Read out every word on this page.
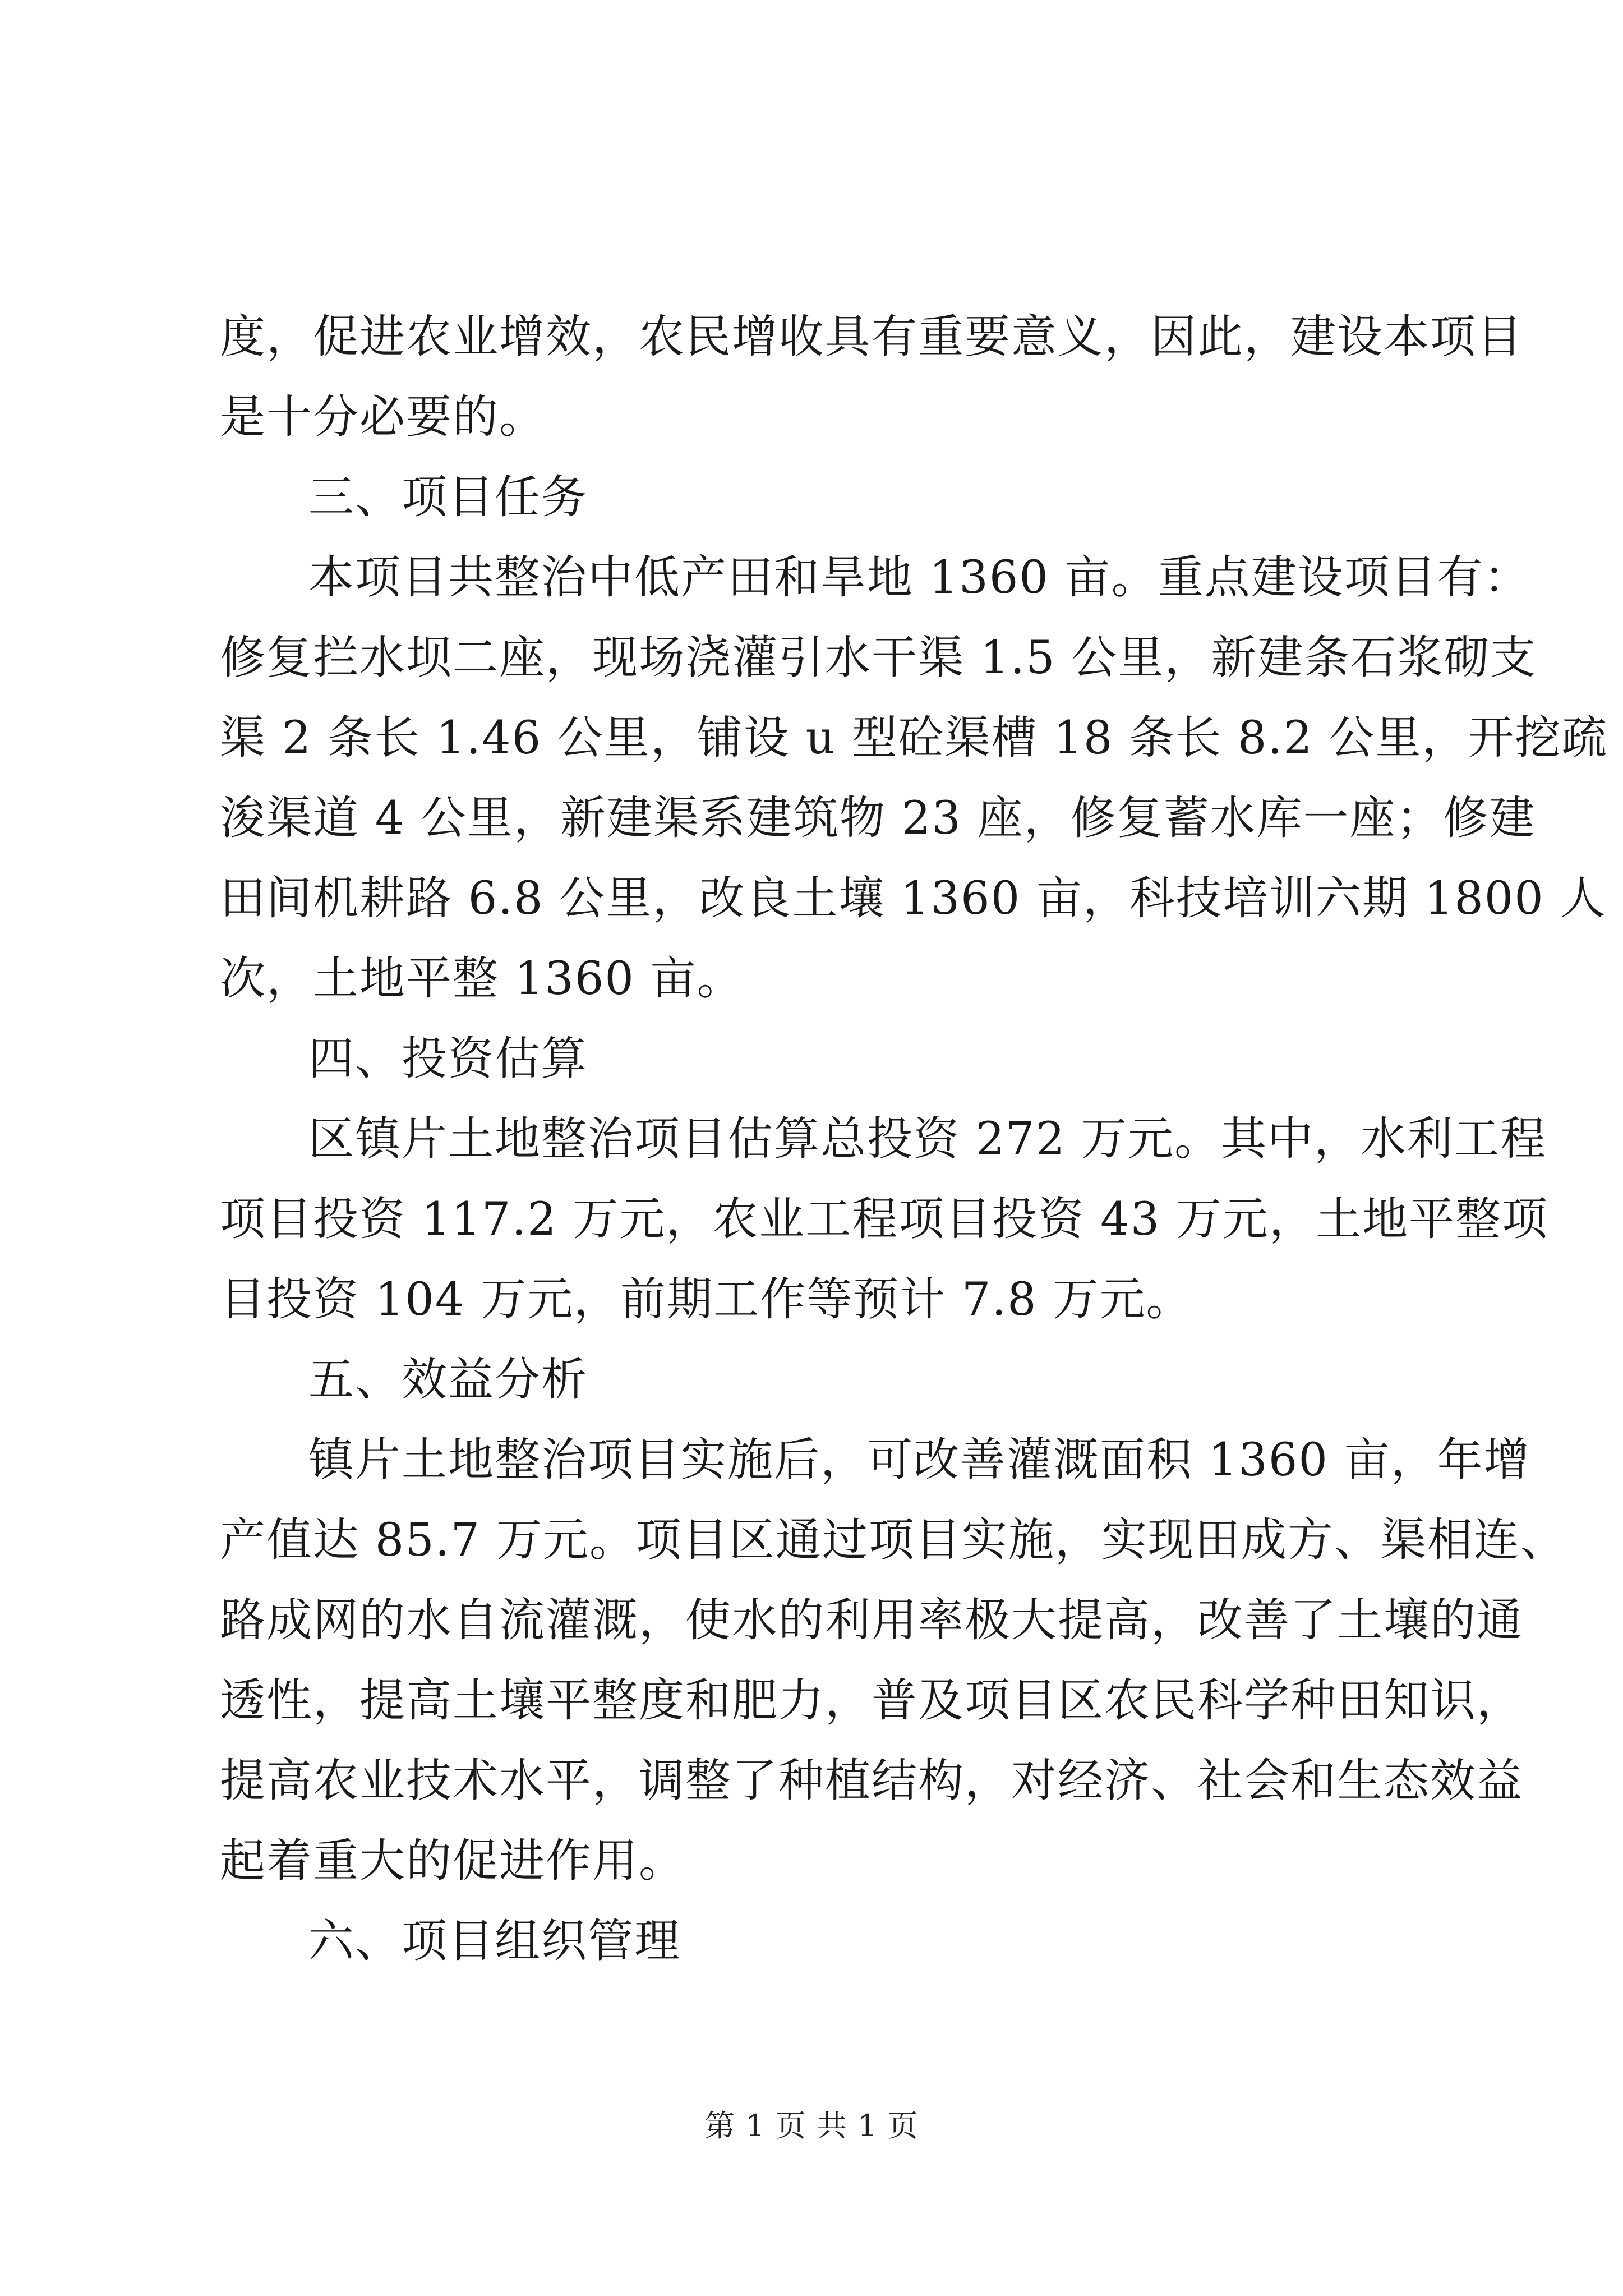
度，促进农业增效，农民增收具有重要意义，因此，建设本项目
是十分必要的。
三、项目任务
本项目共整治中低产田和旱地 1360 亩。重点建设项目有：
修复拦水坝二座，现场浇灌引水干渠 1.5 公里，新建条石浆砌支
渠 2 条长 1.46 公里，铺设 u 型砼渠槽 18 条长 8.2 公里，开挖疏
浚渠道 4 公里，新建渠系建筑物 23 座，修复蓄水库一座；修建
田间机耕路 6.8 公里，改良土壤 1360 亩，科技培训六期 1800 人
次，土地平整 1360 亩。
四、投资估算
区镇片土地整治项目估算总投资 272 万元。其中，水利工程
项目投资 117.2 万元，农业工程项目投资 43 万元，土地平整项
目投资 104 万元，前期工作等预计 7.8 万元。
五、效益分析
镇片土地整治项目实施后，可改善灌溉面积 1360 亩，年增
产值达 85.7 万元。项目区通过项目实施，实现田成方、渠相连、
路成网的水自流灌溉，使水的利用率极大提高，改善了土壤的通
透性，提高土壤平整度和肥力，普及项目区农民科学种田知识，
提高农业技术水平，调整了种植结构，对经济、社会和生态效益
起着重大的促进作用。
六、项目组织管理
第 1 页 共 1 页
